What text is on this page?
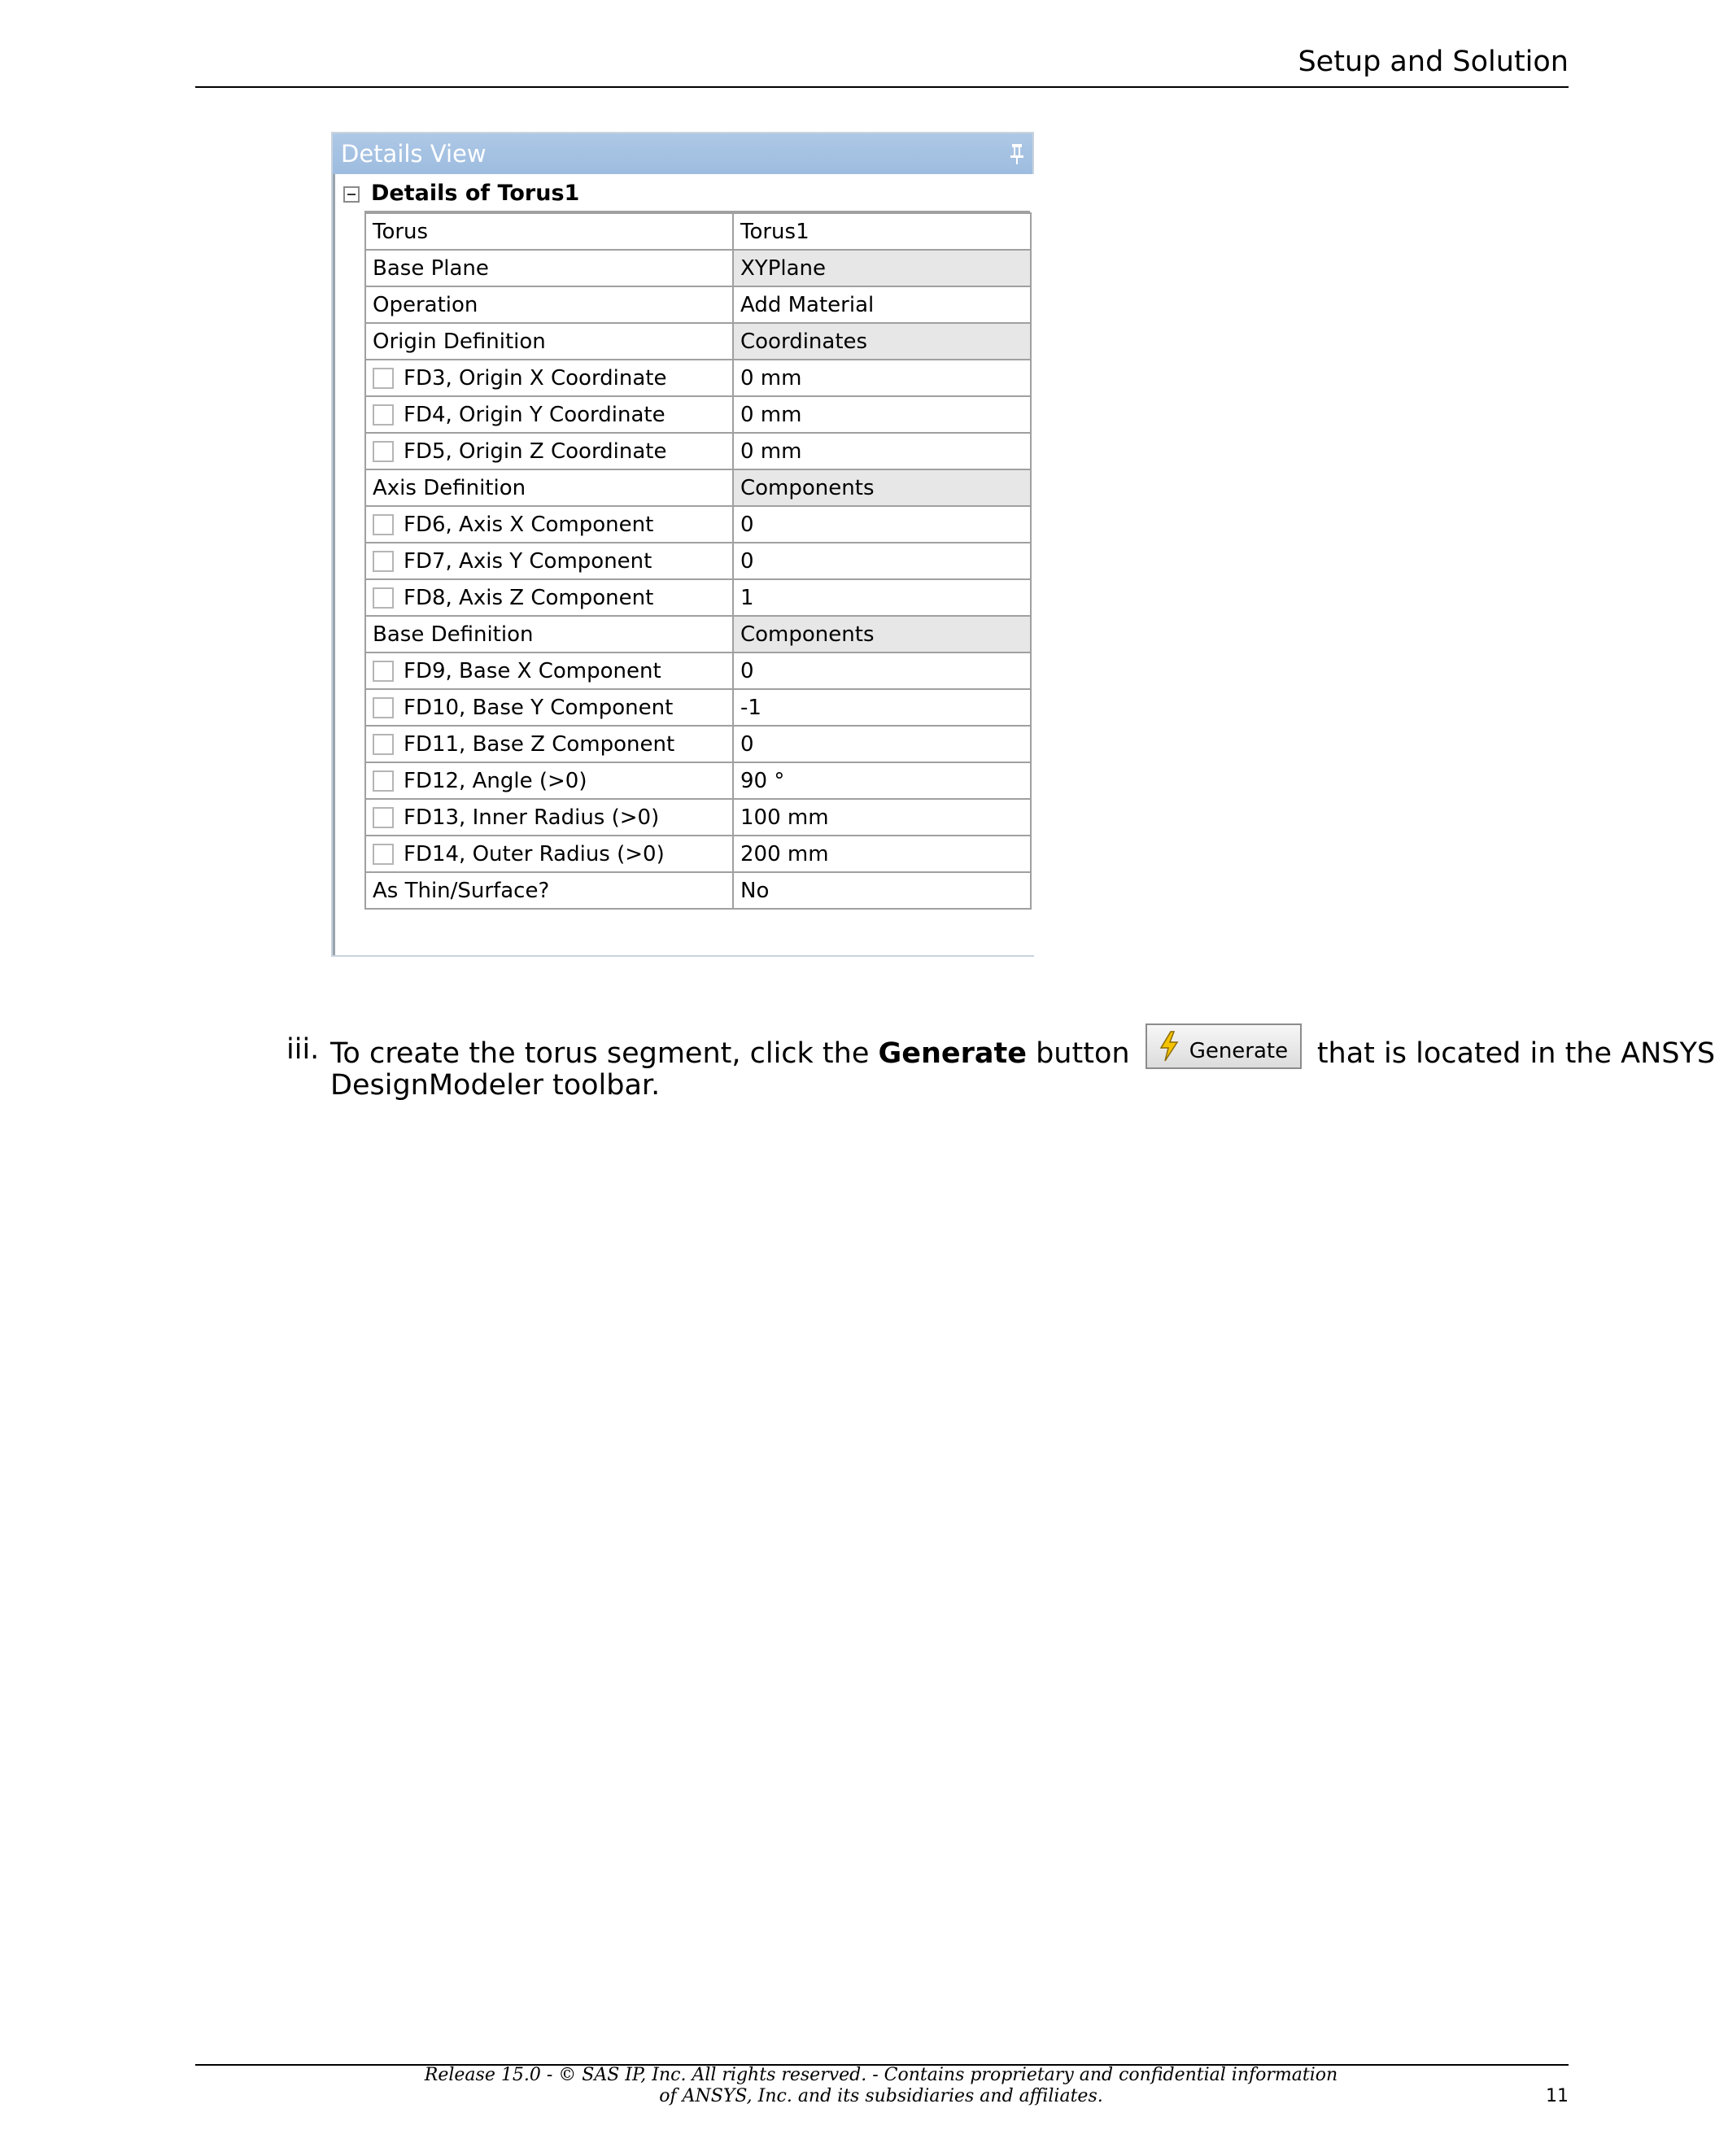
Setup and Solution
Details View
Details of Torus1
Torus	Torus1
Base Plane	XYPlane
Operation	Add Material
Origin Definition	Coordinates
FD3, Origin X Coordinate	0 mm
FD4, Origin Y Coordinate	0 mm
FD5, Origin Z Coordinate	0 mm
Axis Definition	Components
FD6, Axis X Component	0
FD7, Axis Y Component	0
FD8, Axis Z Component	1
Base Definition	Components
FD9, Base X Component	0
FD10, Base Y Component	-1
FD11, Base Z Component	0
FD12, Angle (>0)	90 °
FD13, Inner Radius (>0)	100 mm
FD14, Outer Radius (>0)	200 mm
As Thin/Surface?	No
iii. To create the torus segment, click the Generate button	Generate that is located in the ANSYS
DesignModeler toolbar.
Release 15.0 - © SAS IP, Inc. All rights reserved. - Contains proprietary and confidential information
of ANSYS, Inc. and its subsidiaries and affiliates.	11
